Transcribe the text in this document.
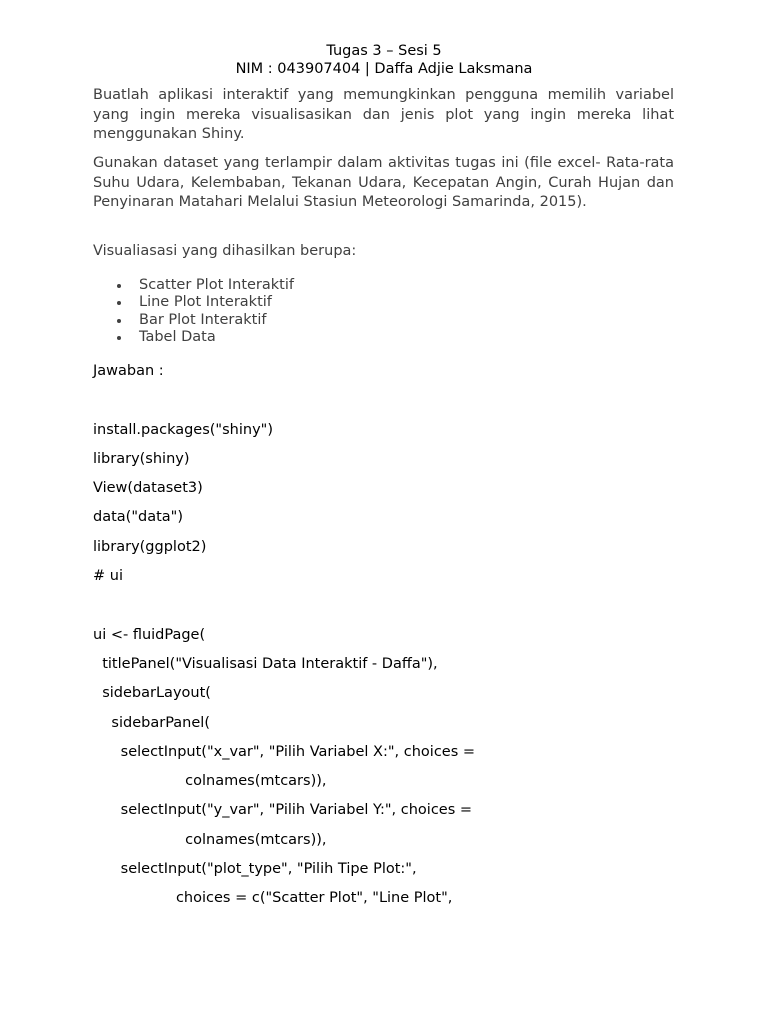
Tugas 3 – Sesi 5
NIM : 043907404 | Daffa Adjie Laksmana

Buatlah aplikasi interaktif yang memungkinkan pengguna memilih variabel yang ingin mereka visualisasikan dan jenis plot yang ingin mereka lihat menggunakan Shiny.

Gunakan dataset yang terlampir dalam aktivitas tugas ini (file excel- Rata-rata Suhu Udara, Kelembaban, Tekanan Udara, Kecepatan Angin, Curah Hujan dan Penyinaran Matahari Melalui Stasiun Meteorologi Samarinda, 2015).

Visualiasasi yang dihasilkan berupa:

Scatter Plot Interaktif
Line Plot Interaktif
Bar Plot Interaktif
Tabel Data
Jawaban :
install.packages("shiny")
library(shiny)
View(dataset3)
data("data")
library(ggplot2)
# ui
ui <- fluidPage(
titlePanel("Visualisasi Data Interaktif - Daffa"),
sidebarLayout(
sidebarPanel(
selectInput("x_var", "Pilih Variabel X:", choices =
colnames(mtcars)),
selectInput("y_var", "Pilih Variabel Y:", choices =
colnames(mtcars)),
selectInput("plot_type", "Pilih Tipe Plot:",
choices = c("Scatter Plot", "Line Plot",
